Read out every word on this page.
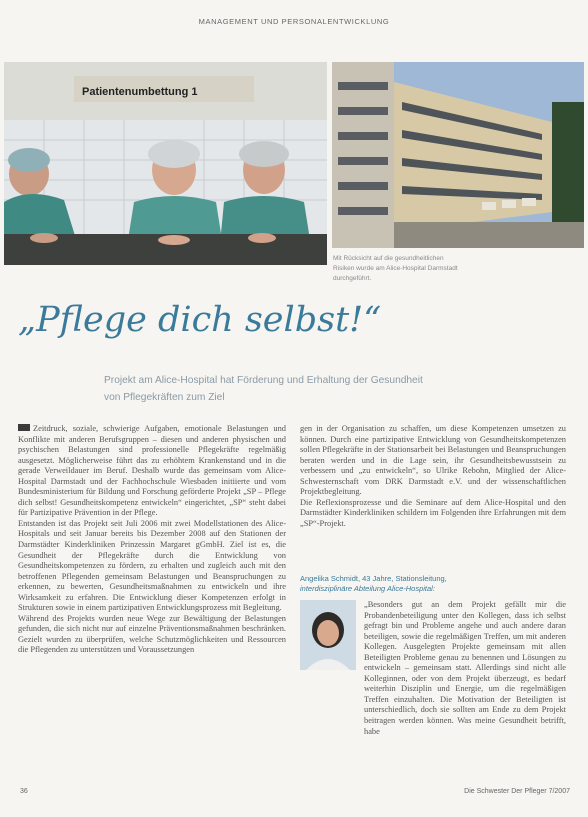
MANAGEMENT UND PERSONALENTWICKLUNG
Patientenumbettung 1
Mit Rücksicht auf die gesundheitlichen Risiken wurde am Alice-Hospital Darmstadt durchgeführt.
„Pflege dich selbst!“
Projekt am Alice-Hospital hat Förderung und Erhaltung der Gesundheit von Pflegekräften zum Ziel

Zeitdruck, soziale, schwierige Aufgaben, emotionale Belastungen und Konflikte mit anderen Berufsgruppen – diesen und anderen physischen und psychischen Belastungen sind professionelle Pflegekräfte regelmäßig ausgesetzt. Möglicherweise führt das zu erhöhtem Krankenstand und in die gerade Verweildauer im Beruf. Deshalb wurde das gemeinsam vom Alice-Hospital Darmstadt und der Fachhochschule Wiesbaden initiierte und vom Bundesministerium für Bildung und Forschung geförderte Projekt „SP – Pflege dich selbst! Gesundheitskompetenz entwickeln“ eingerichtet, „SP“ steht dabei für Partizipative Prävention in der Pflege.

Entstanden ist das Projekt seit Juli 2006 mit zwei Modellstationen des Alice-Hospitals und seit Januar bereits bis Dezember 2008 auf den Stationen der Darmstädter Kinderkliniken Prinzessin Margaret gGmbH. Ziel ist es, die Gesundheit der Pflegekräfte durch die Entwicklung von Gesundheitskompetenzen zu fördern, zu erhalten und zugleich auch mit den betroffenen Pflegenden gemeinsam Belastungen und Beanspruchungen zu erkennen, zu bewerten, Gesundheitsmaßnahmen zu entwickeln und ihre Wirksamkeit zu erfahren. Die Entwicklung dieser Kompetenzen erfolgt in Strukturen sowie in einem partizipativen Entwicklungsprozess mit Begleitung.

Während des Projekts wurden neue Wege zur Bewältigung der Belastungen gefunden, die sich nicht nur auf einzelne Präventionsmaßnahmen beschränken. Gezielt wurden zu überprüfen, welche Schutzmöglichkeiten und Ressourcen die Pflegenden zu unterstützen und Voraussetzungen

gen in der Organisation zu schaffen, um diese Kompetenzen umsetzen zu können. Durch eine partizipative Entwicklung von Gesundheitskompetenzen sollen Pflegekräfte in der Stationsarbeit bei Belastungen und Beanspruchungen beraten werden und in die Lage sein, ihr Gesundheitsbewusstsein zu verbessern und „zu entwickeln“, so Ulrike Rebohn, Mitglied der Alice-Schwesternschaft vom DRK Darmstadt e.V. und der wissenschaftlichen Projektbegleitung.

Die Reflexionsprozesse und die Seminare auf dem Alice-Hospital und den Darmstädter Kinderkliniken schildern im Folgenden ihre Erfahrungen mit dem „SP“-Projekt.

Angelika Schmidt, 43 Jahre, Stationsleitung,
interdisziplinäre Abteilung Alice-Hospital:
„Besonders gut an dem Projekt gefällt mir die Probandenbeteiligung unter den Kollegen, dass ich selbst gefragt bin und Probleme angehe und auch andere daran beteiligen, sowie die regelmäßigen Treffen, um mit anderen Kollegen. Ausgelegten Projekte gemeinsam mit allen Beteiligten Probleme genau zu benennen und Lösungen zu entwickeln – gemeinsam statt. Allerdings sind nicht alle Kolleginnen, oder von dem Projekt überzeugt, es bedarf weiterhin Disziplin und Energie, um die regelmäßigen Treffen einzuhalten. Die Motivation der Beteiligten ist unterschiedlich, doch sie sollten am Ende zu dem Projekt beitragen werden können. Was meine Gesundheit betrifft, habe
36	Die Schwester Der Pfleger 7/2007
